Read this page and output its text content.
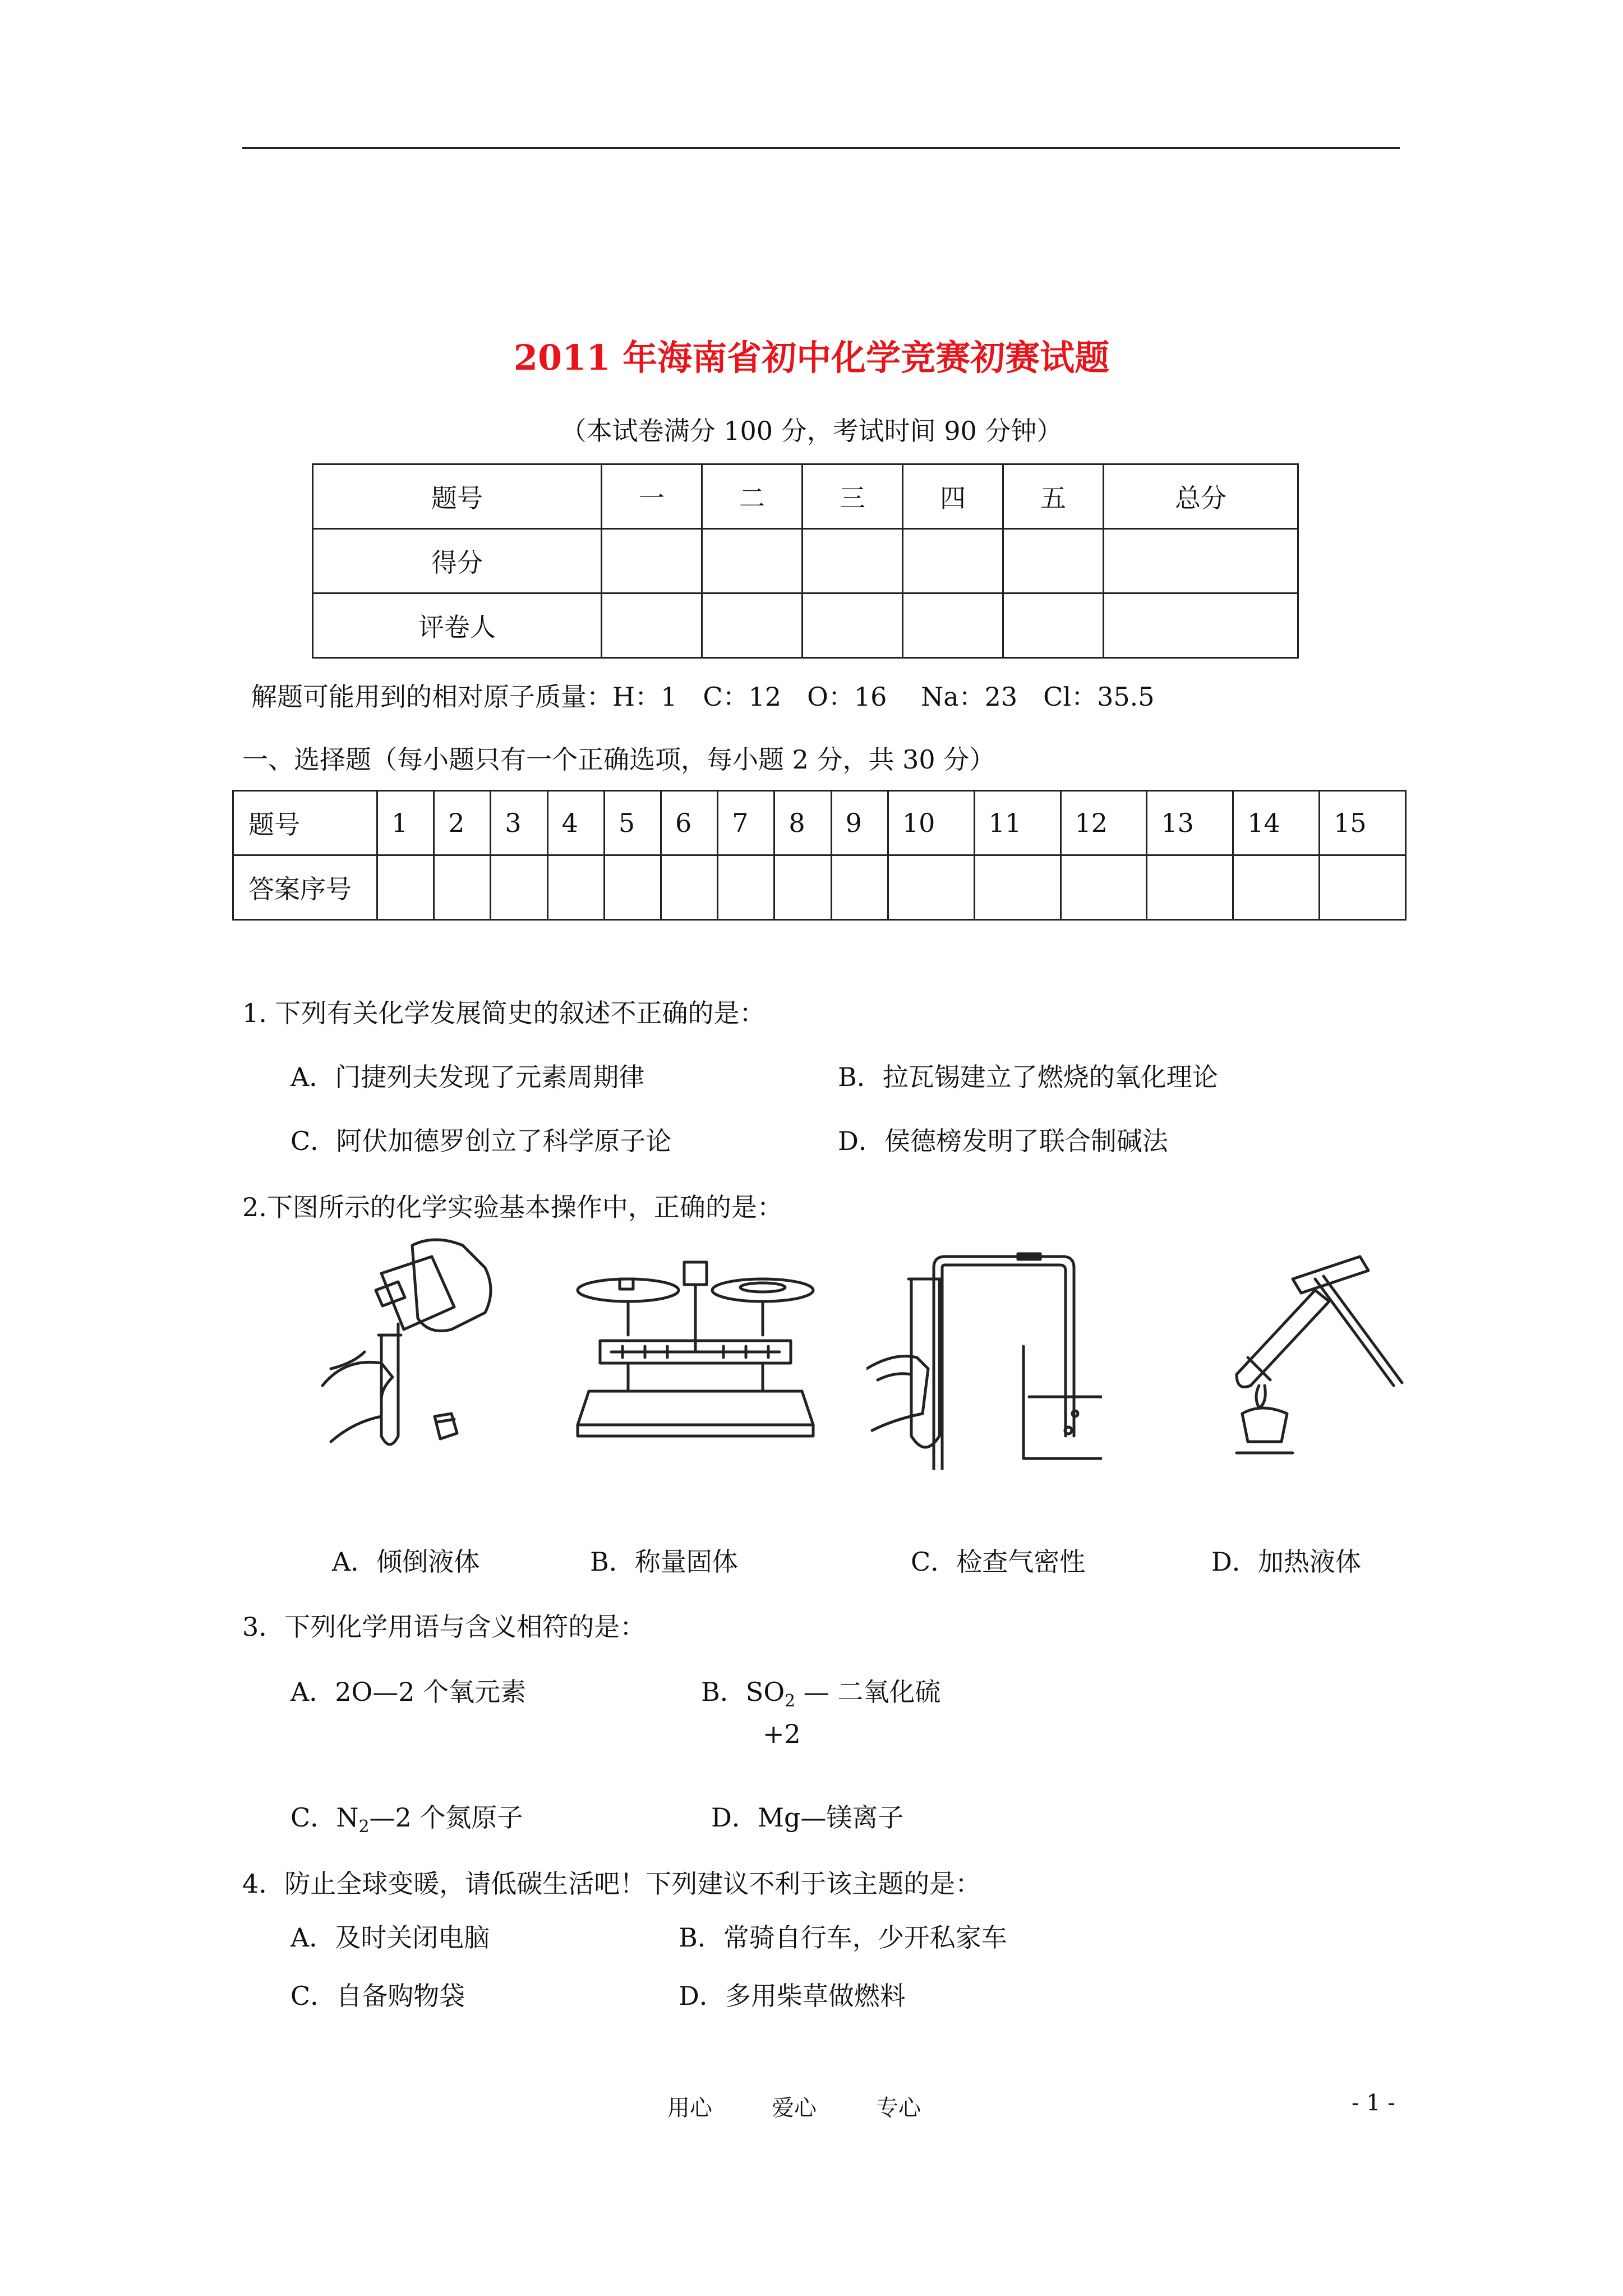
2011 年海南省初中化学竞赛初赛试题
（本试卷满分 100 分，考试时间 90 分钟）
题号	一	二	三	四	五	总分
得分						
评卷人						
解题可能用到的相对原子质量：H：1　C：12　O：16　 Na：23　Cl：35.5
一、选择题（每小题只有一个正确选项，每小题 2 分，共 30 分）
题号	1	2	3	4	5	6	7	8	9	10	11	12	13	14	15
答案序号															
1. 下列有关化学发展简史的叙述不正确的是：
A．门捷列夫发现了元素周期律	B．拉瓦锡建立了燃烧的氧化理论
C．阿伏加德罗创立了科学原子论	D．侯德榜发明了联合制碱法
2.下图所示的化学实验基本操作中，正确的是：
A．倾倒液体	B．称量固体	C．检查气密性	D．加热液体
3．下列化学用语与含义相符的是：
A．2O—2 个氧元素	B．$SO_2$ — 二氧化硫
+2
C．$N_2—2$ 个氮原子	D．Mg—镁离子
4．防止全球变暖，请低碳生活吧！下列建议不利于该主题的是：
A．及时关闭电脑	B．常骑自行车，少开私家车
C．自备购物袋	D．多用柴草做燃料
用心	爱心	专心	- 1 -
